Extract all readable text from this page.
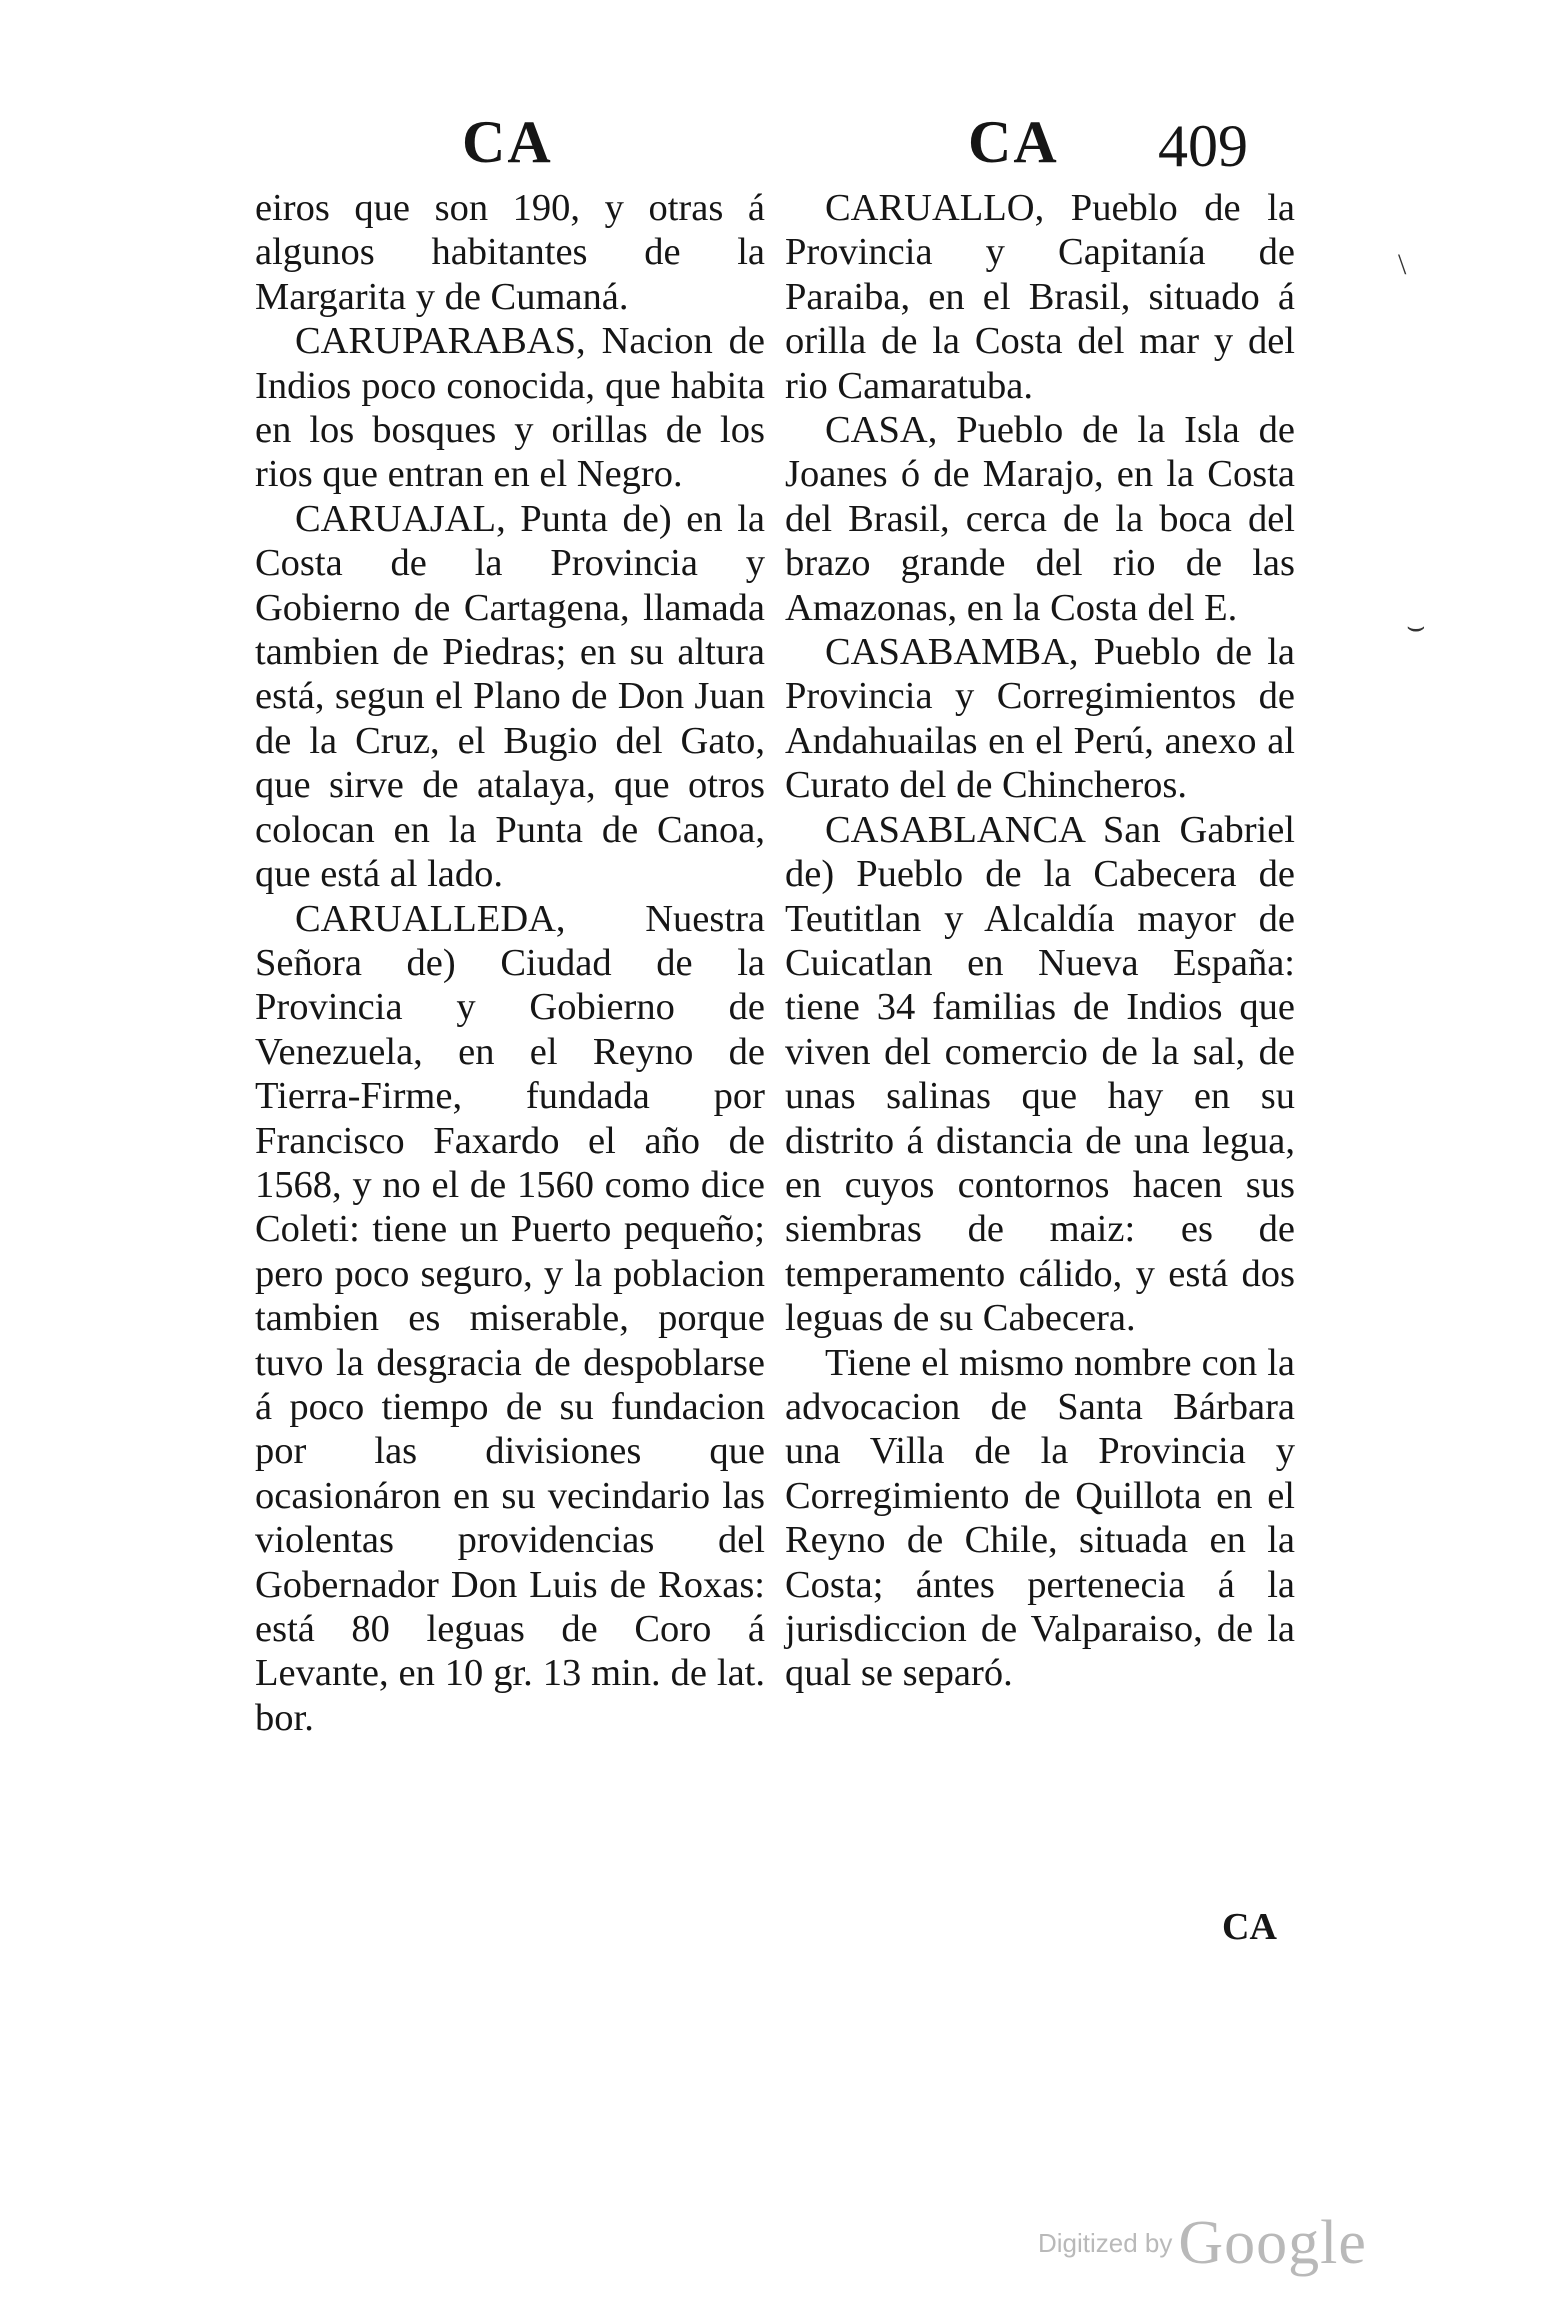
CA	CA 409

eiros que son 190, y otras á algunos habitantes de la Margarita y de Cumaná.

CARUPARABAS, Nacion de Indios poco conocida, que habita en los bosques y orillas de los rios que entran en el Negro.

CARUAJAL, Punta de) en la Costa de la Provincia y Gobierno de Cartagena, llamada tambien de Piedras; en su altura está, segun el Plano de Don Juan de la Cruz, el Bugio del Gato, que sirve de atalaya, que otros colocan en la Punta de Canoa, que está al lado.

CARUALLEDA, Nuestra Señora de) Ciudad de la Provincia y Gobierno de Venezuela, en el Reyno de Tierra-Firme, fundada por Francisco Faxardo el año de 1568, y no el de 1560 como dice Coleti: tiene un Puerto pequeño; pero poco seguro, y la poblacion tambien es miserable, porque tuvo la desgracia de despoblarse á poco tiempo de su fundacion por las divisiones que ocasionáron en su vecindario las violentas providencias del Gobernador Don Luis de Roxas: está 80 leguas de Coro á Levante, en 10 gr. 13 min. de lat. bor.

CARUALLO, Pueblo de la Provincia y Capitanía de Paraiba, en el Brasil, situado á orilla de la Costa del mar y del rio Camaratuba.

CASA, Pueblo de la Isla de Joanes ó de Marajo, en la Costa del Brasil, cerca de la boca del brazo grande del rio de las Amazonas, en la Costa del E.

CASABAMBA, Pueblo de la Provincia y Corregimientos de Andahuailas en el Perú, anexo al Curato del de Chincheros.

CASABLANCA San Gabriel de) Pueblo de la Cabecera de Teutitlan y Alcaldía mayor de Cuicatlan en Nueva España: tiene 34 familias de Indios que viven del comercio de la sal, de unas salinas que hay en su distrito á distancia de una legua, en cuyos contornos hacen sus siembras de maiz: es de temperamento cálido, y está dos leguas de su Cabecera.

Tiene el mismo nombre con la advocacion de Santa Bárbara una Villa de la Provincia y Corregimiento de Quillota en el Reyno de Chile, situada en la Costa; ántes pertenecia á la jurisdiccion de Valparaiso, de la qual se separó.

CA
\
⌣
Digitized byGoogle
